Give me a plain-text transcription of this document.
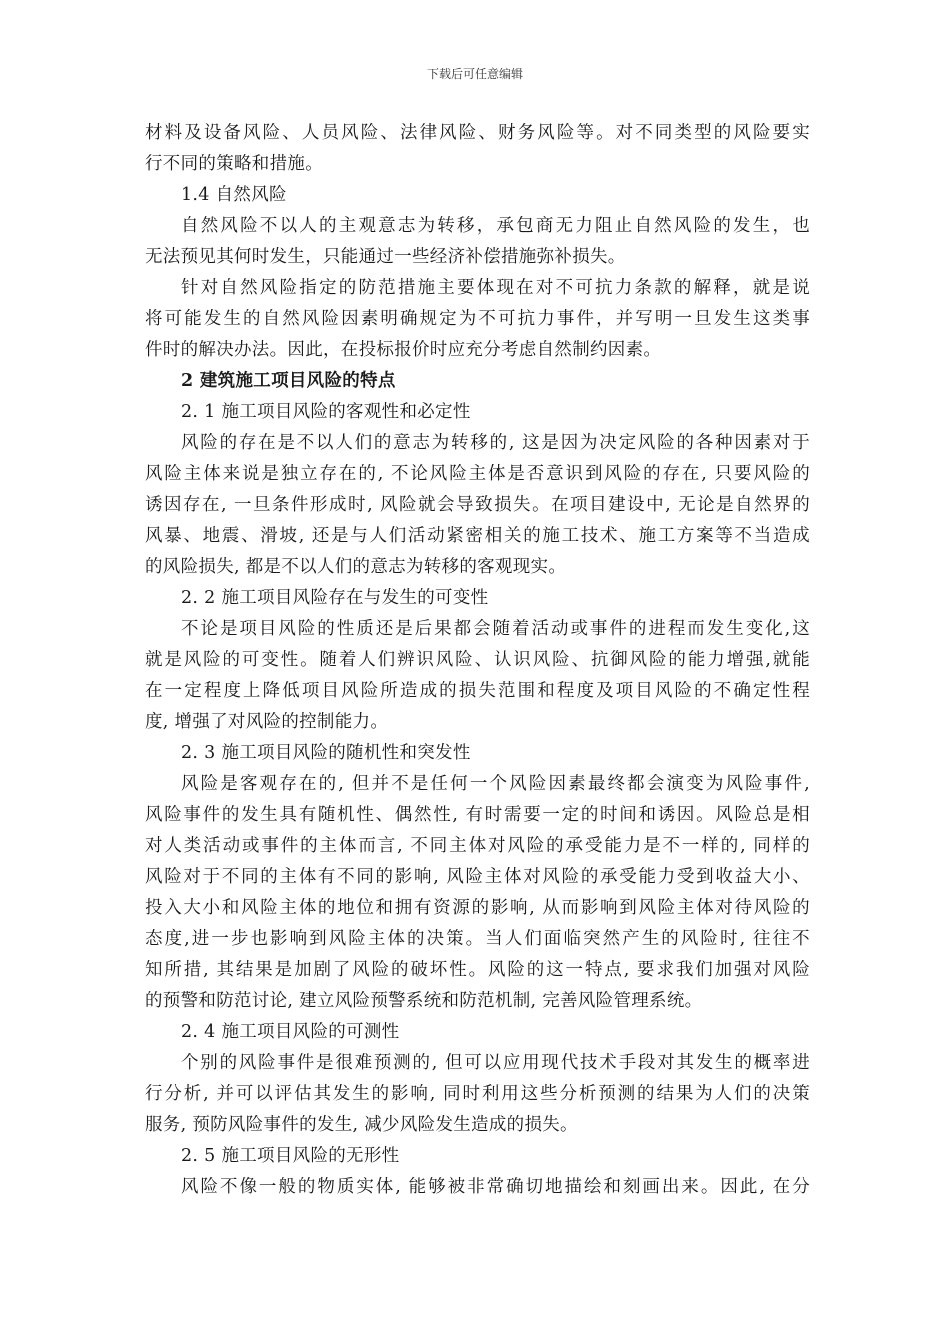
下载后可任意编辑
材料及设备风险、人员风险、法律风险、财务风险等。对不同类型的风险要实
行不同的策略和措施。
1.4 自然风险
自然风险不以人的主观意志为转移，承包商无力阻止自然风险的发生，也
无法预见其何时发生，只能通过一些经济补偿措施弥补损失。
针对自然风险指定的防范措施主要体现在对不可抗力条款的解释，就是说
将可能发生的自然风险因素明确规定为不可抗力事件，并写明一旦发生这类事
件时的解决办法。因此，在投标报价时应充分考虑自然制约因素。
2 建筑施工项目风险的特点
2. 1 施工项目风险的客观性和必定性
风险的存在是不以人们的意志为转移的, 这是因为决定风险的各种因素对于
风险主体来说是独立存在的, 不论风险主体是否意识到风险的存在, 只要风险的
诱因存在, 一旦条件形成时, 风险就会导致损失。在项目建设中, 无论是自然界的
风暴、地震、滑坡, 还是与人们活动紧密相关的施工技术、施工方案等不当造成
的风险损失, 都是不以人们的意志为转移的客观现实。
2. 2 施工项目风险存在与发生的可变性
不论是项目风险的性质还是后果都会随着活动或事件的进程而发生变化,这
就是风险的可变性。随着人们辨识风险、认识风险、抗御风险的能力增强,就能
在一定程度上降低项目风险所造成的损失范围和程度及项目风险的不确定性程
度, 增强了对风险的控制能力。
2. 3 施工项目风险的随机性和突发性
风险是客观存在的, 但并不是任何一个风险因素最终都会演变为风险事件,
风险事件的发生具有随机性、偶然性, 有时需要一定的时间和诱因。风险总是相
对人类活动或事件的主体而言, 不同主体对风险的承受能力是不一样的, 同样的
风险对于不同的主体有不同的影响, 风险主体对风险的承受能力受到收益大小、
投入大小和风险主体的地位和拥有资源的影响, 从而影响到风险主体对待风险的
态度,进一步也影响到风险主体的决策。当人们面临突然产生的风险时, 往往不
知所措, 其结果是加剧了风险的破坏性。风险的这一特点, 要求我们加强对风险
的预警和防范讨论, 建立风险预警系统和防范机制, 完善风险管理系统。
2. 4 施工项目风险的可测性
个别的风险事件是很难预测的, 但可以应用现代技术手段对其发生的概率进
行分析, 并可以评估其发生的影响, 同时利用这些分析预测的结果为人们的决策
服务, 预防风险事件的发生, 减少风险发生造成的损失。
2. 5 施工项目风险的无形性
风险不像一般的物质实体, 能够被非常确切地描绘和刻画出来。因此, 在分
